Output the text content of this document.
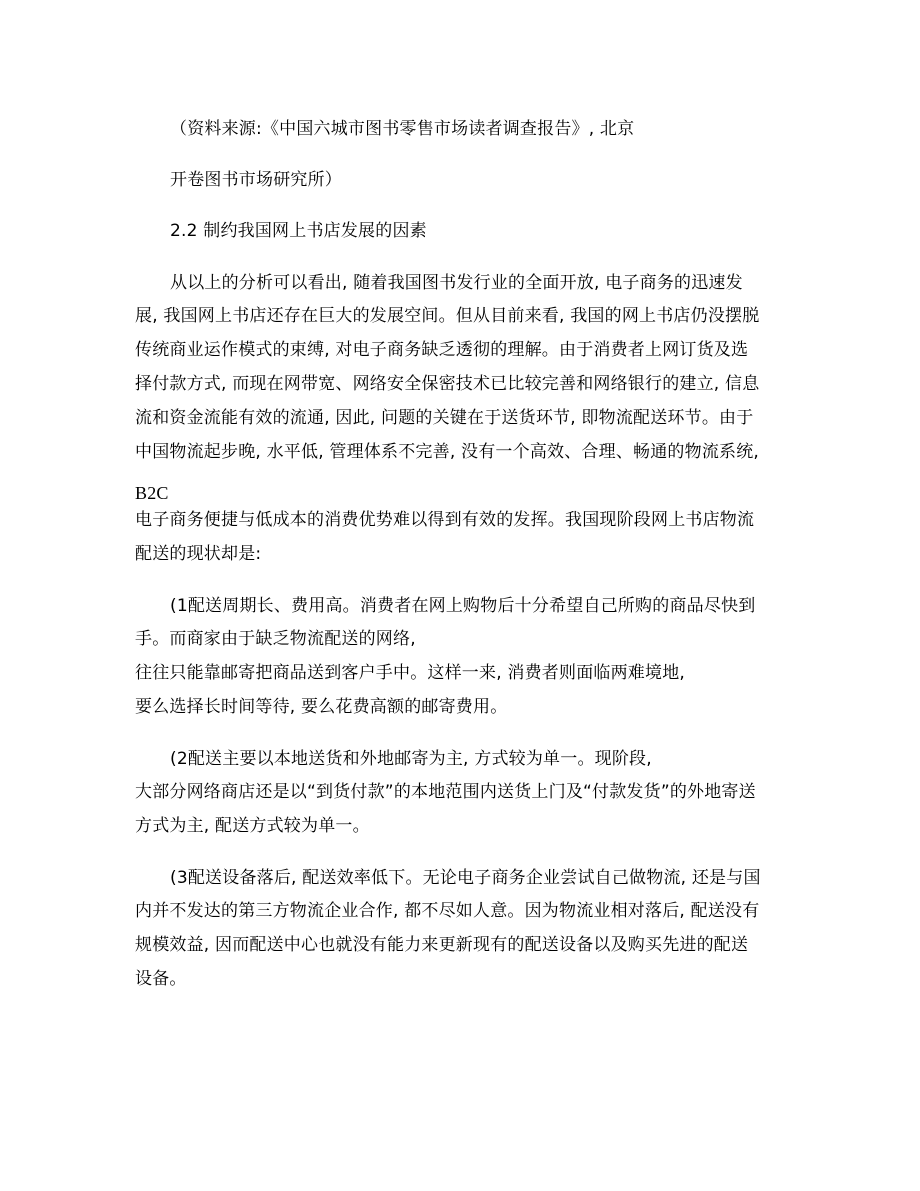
（资料来源:《中国六城市图书零售市场读者调查报告》, 北京
开卷图书市场研究所）
2.2 制约我国网上书店发展的因素
从以上的分析可以看出, 随着我国图书发行业的全面开放, 电子商务的迅速发
展, 我国网上书店还存在巨大的发展空间。但从目前来看, 我国的网上书店仍没摆脱
传统商业运作模式的束缚, 对电子商务缺乏透彻的理解。由于消费者上网订货及选
择付款方式, 而现在网带宽、网络安全保密技术已比较完善和网络银行的建立, 信息
流和资金流能有效的流通, 因此, 问题的关键在于送货环节, 即物流配送环节。由于
中国物流起步晚, 水平低, 管理体系不完善, 没有一个高效、合理、畅通的物流系统,
B2C
电子商务便捷与低成本的消费优势难以得到有效的发挥。我国现阶段网上书店物流
配送的现状却是:
(1配送周期长、费用高。消费者在网上购物后十分希望自己所购的商品尽快到
手。而商家由于缺乏物流配送的网络,
往往只能靠邮寄把商品送到客户手中。这样一来, 消费者则面临两难境地,
要么选择长时间等待, 要么花费高额的邮寄费用。
(2配送主要以本地送货和外地邮寄为主, 方式较为单一。现阶段,
大部分网络商店还是以“到货付款”的本地范围内送货上门及“付款发货”的外地寄送
方式为主, 配送方式较为单一。
(3配送设备落后, 配送效率低下。无论电子商务企业尝试自己做物流, 还是与国
内并不发达的第三方物流企业合作, 都不尽如人意。因为物流业相对落后, 配送没有
规模效益, 因而配送中心也就没有能力来更新现有的配送设备以及购买先进的配送
设备。
